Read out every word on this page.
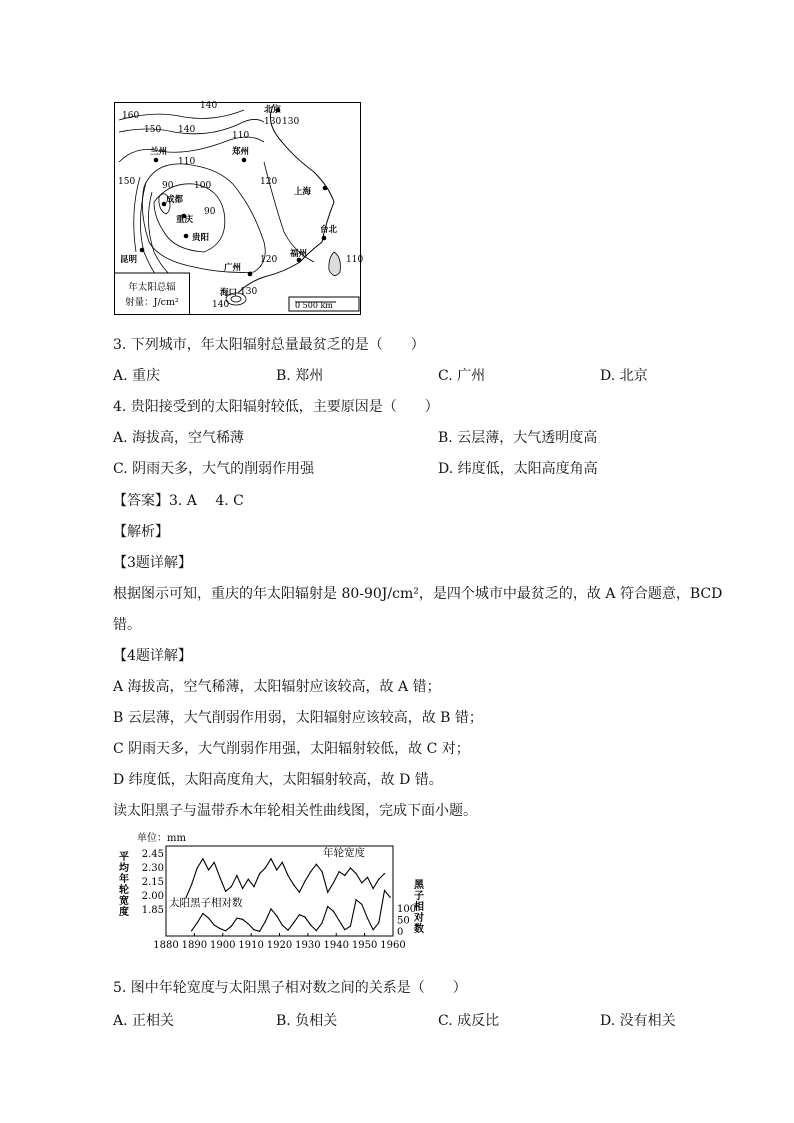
年太阳总辐
射量：J/cm²	0 500 km
北京
兰州	郑州
上海
成都
重庆
贵阳
昆明
福州
台北
广州
海口
160
150 140
130 130
110
120
150	90 100
90
110
140
120
130
140
110
3. 下列城市，年太阳辐射总量最贫乏的是（　　）
A. 重庆	B. 郑州	C. 广州	D. 北京
4. 贵阳接受到的太阳辐射较低，主要原因是（　　）
A. 海拔高，空气稀薄	B. 云层薄，大气透明度高
C. 阴雨天多，大气的削弱作用强	D. 纬度低，太阳高度角高
【答案】3. A　 4. C
【解析】
【3题详解】
根据图示可知，重庆的年太阳辐射是 80-90J/cm²，是四个城市中最贫乏的，故 A 符合题意，BCD
错。
【4题详解】
A 海拔高，空气稀薄，太阳辐射应该较高，故 A 错；
B 云层薄，大气削弱作用弱，太阳辐射应该较高，故 B 错；
C 阴雨天多，大气削弱作用强，太阳辐射较低，故 C 对；
D 纬度低，太阳高度角大，太阳辐射较高，故 D 错。
读太阳黑子与温带乔木年轮相关性曲线图，完成下面小题。
单位：mm
平
均
年
轮
宽
度
黑
子
相
对
数
1880 1890 1900 1910 1920 1930 1940 1950 1960
2.45
2.30
2.15
2.00
1.85	100
50
0
年轮宽度
太阳黑子相对数
5. 图中年轮宽度与太阳黑子相对数之间的关系是（　　）
A. 正相关	B. 负相关	C. 成反比	D. 没有相关
